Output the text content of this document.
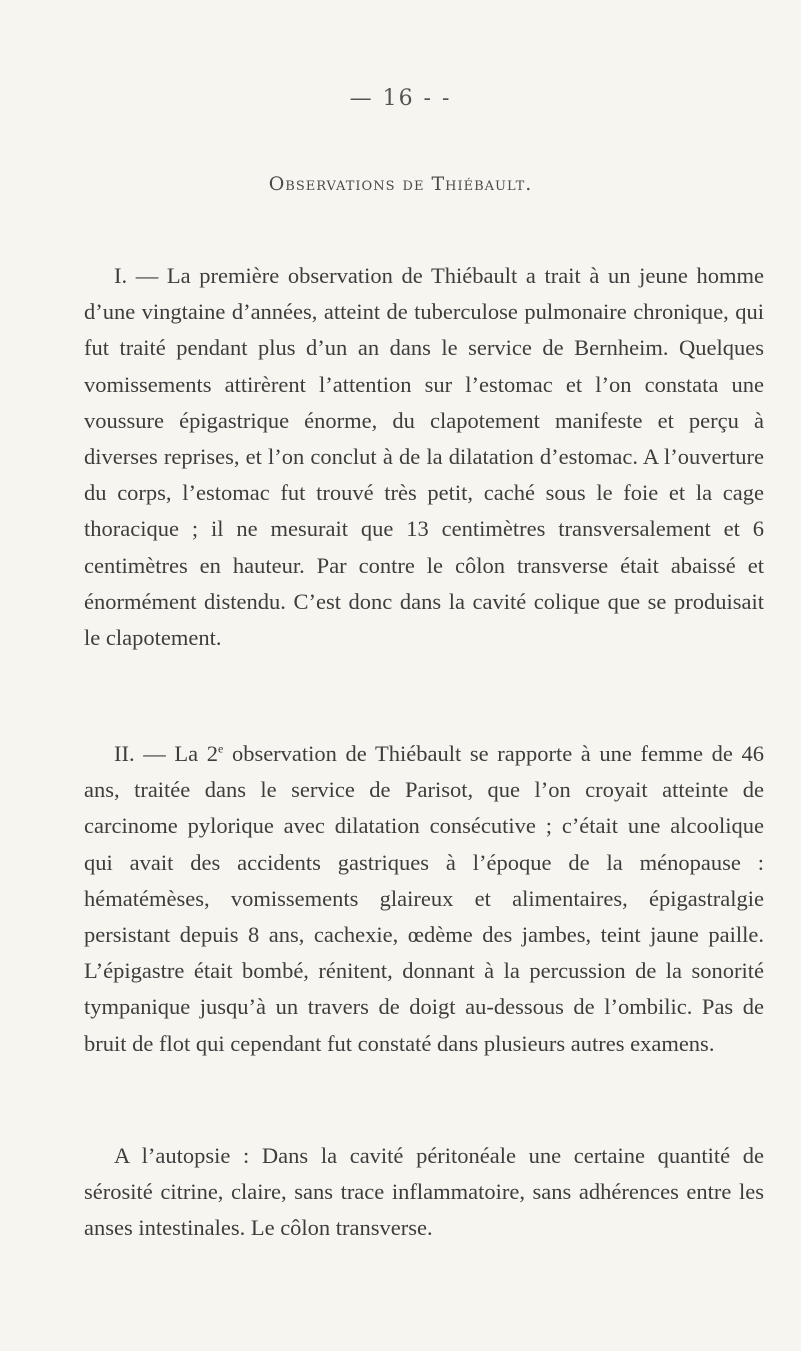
— 16 - -
Observations de Thiébault.

I. — La première observation de Thiébault a trait à un jeune homme d’une vingtaine d’années, atteint de tuberculose pulmonaire chronique, qui fut traité pendant plus d’un an dans le service de Bernheim. Quelques vomissements attirèrent l’attention sur l’estomac et l’on constata une voussure épigastrique énorme, du clapotement manifeste et perçu à diverses reprises, et l’on conclut à de la dilatation d’estomac. A l’ouverture du corps, l’estomac fut trouvé très petit, caché sous le foie et la cage thoracique ; il ne mesurait que 13 centimètres transversalement et 6 centimètres en hauteur. Par contre le côlon transverse était abaissé et énormément distendu. C’est donc dans la cavité colique que se produisait le clapotement.

II. — La 2e observation de Thiébault se rapporte à une femme de 46 ans, traitée dans le service de Parisot, que l’on croyait atteinte de carcinome pylorique avec dilatation consécutive ; c’était une alcoolique qui avait des accidents gastriques à l’époque de la ménopause : hématémèses, vomissements glaireux et alimentaires, épigastralgie persistant depuis 8 ans, cachexie, œdème des jambes, teint jaune paille. L’épigastre était bombé, rénitent, donnant à la percussion de la sonorité tympanique jusqu’à un travers de doigt au-dessous de l’ombilic. Pas de bruit de flot qui cependant fut constaté dans plusieurs autres examens.

A l’autopsie : Dans la cavité péritonéale une certaine quantité de sérosité citrine, claire, sans trace inflammatoire, sans adhérences entre les anses intestinales. Le côlon transverse.
